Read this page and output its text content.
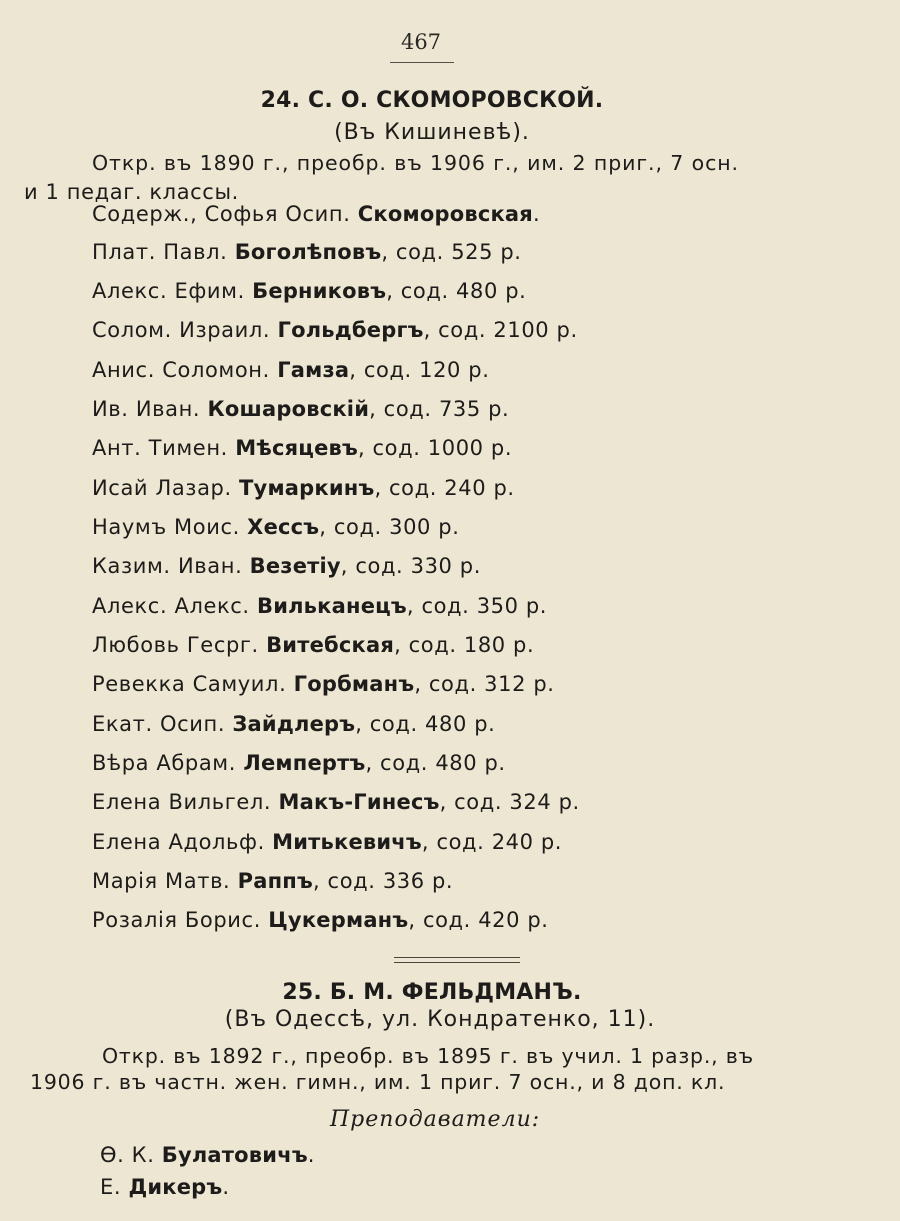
467
24. С. О. СКОМОРОВСКОЙ.
(Въ Кишиневѣ).
Откр. въ 1890 г., преобр. въ 1906 г., им. 2 приг., 7 осн.
и 1 педаг. классы.
Содерж., Софья Осип. Скоморовская.
Плат. Павл. Боголѣповъ, сод. 525 р.
Алекс. Ефим. Берниковъ, сод. 480 р.
Солом. Израил. Гольдбергъ, сод. 2100 р.
Анис. Соломон. Гамза, сод. 120 р.
Ив. Иван. Кошаровскій, сод. 735 р.
Ант. Тимен. Мѣсяцевъ, сод. 1000 р.
Исай Лазар. Тумаркинъ, сод. 240 р.
Наумъ Моис. Хессъ, сод. 300 р.
Казим. Иван. Везетіу, сод. 330 р.
Алекс. Алекс. Вильканецъ, сод. 350 р.
Любовь Гесрг. Витебская, сод. 180 р.
Ревекка Самуил. Горбманъ, сод. 312 р.
Екат. Осип. Зайдлеръ, сод. 480 р.
Вѣра Абрам. Лемпертъ, сод. 480 р.
Елена Вильгел. Макъ-Гинесъ, сод. 324 р.
Елена Адольф. Митькевичъ, сод. 240 р.
Марія Матв. Раппъ, сод. 336 р.
Розалія Борис. Цукерманъ, сод. 420 р.
25. Б. М. ФЕЛЬДМАНЪ.
(Въ Одессѣ, ул. Кондратенко, 11).
Откр. въ 1892 г., преобр. въ 1895 г. въ учил. 1 разр., въ
1906 г. въ частн. жен. гимн., им. 1 приг. 7 осн., и 8 доп. кл.
Преподаватели:
Ѳ. К. Булатовичъ.
Е. Дикеръ.
